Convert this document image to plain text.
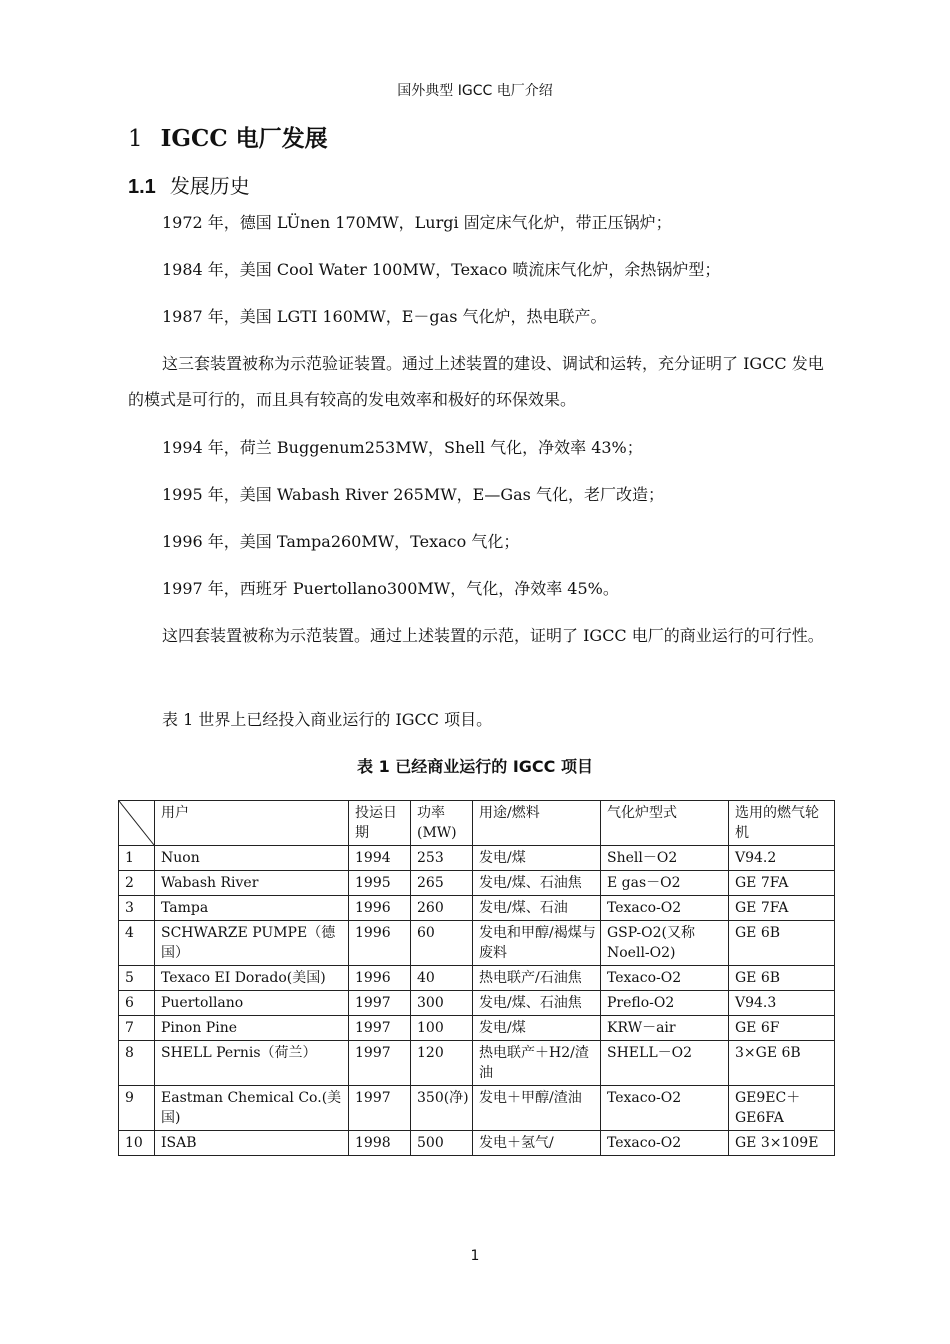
国外典型 IGCC 电厂介绍
1 IGCC 电厂发展
1.1 发展历史
1972 年，德国 LÜnen 170MW，Lurgi 固定床气化炉，带正压锅炉；
1984 年，美国 Cool Water 100MW，Texaco 喷流床气化炉，余热锅炉型；
1987 年，美国 LGTI 160MW，E－gas 气化炉，热电联产。
这三套装置被称为示范验证装置。通过上述装置的建设、调试和运转，充分证明了 IGCC 发电的模式是可行的，而且具有较高的发电效率和极好的环保效果。
1994 年，荷兰 Buggenum253MW，Shell 气化，净效率 43%；
1995 年，美国 Wabash River 265MW，E—Gas 气化，老厂改造；
1996 年，美国 Tampa260MW，Texaco 气化；
1997 年，西班牙 Puertollano300MW，气化，净效率 45%。
这四套装置被称为示范装置。通过上述装置的示范，证明了 IGCC 电厂的商业运行的可行性。
表 1 世界上已经投入商业运行的 IGCC 项目。
表 1 已经商业运行的 IGCC 项目
	用户	投运日期	功率(MW)	用途/燃料	气化炉型式	选用的燃气轮机
1	Nuon	1994	253	发电/煤	Shell－O2	V94.2
2	Wabash River	1995	265	发电/煤、石油焦	E gas－O2	GE 7FA
3	Tampa	1996	260	发电/煤、石油	Texaco-O2	GE 7FA
4	SCHWARZE PUMPE（德国）	1996	60	发电和甲醇/褐煤与废料	GSP-O2(又称Noell-O2)	GE 6B
5	Texaco EI Dorado(美国)	1996	40	热电联产/石油焦	Texaco-O2	GE 6B
6	Puertollano	1997	300	发电/煤、石油焦	Preflo-O2	V94.3
7	Pinon Pine	1997	100	发电/煤	KRW－air	GE 6F
8	SHELL Pernis（荷兰）	1997	120	热电联产＋H2/渣油	SHELL－O2	3×GE 6B
9	Eastman Chemical Co.(美国)	1997	350(净)	发电＋甲醇/渣油	Texaco-O2	GE9EC＋GE6FA
10	ISAB	1998	500	发电＋氢气/	Texaco-O2	GE 3×109E
1
